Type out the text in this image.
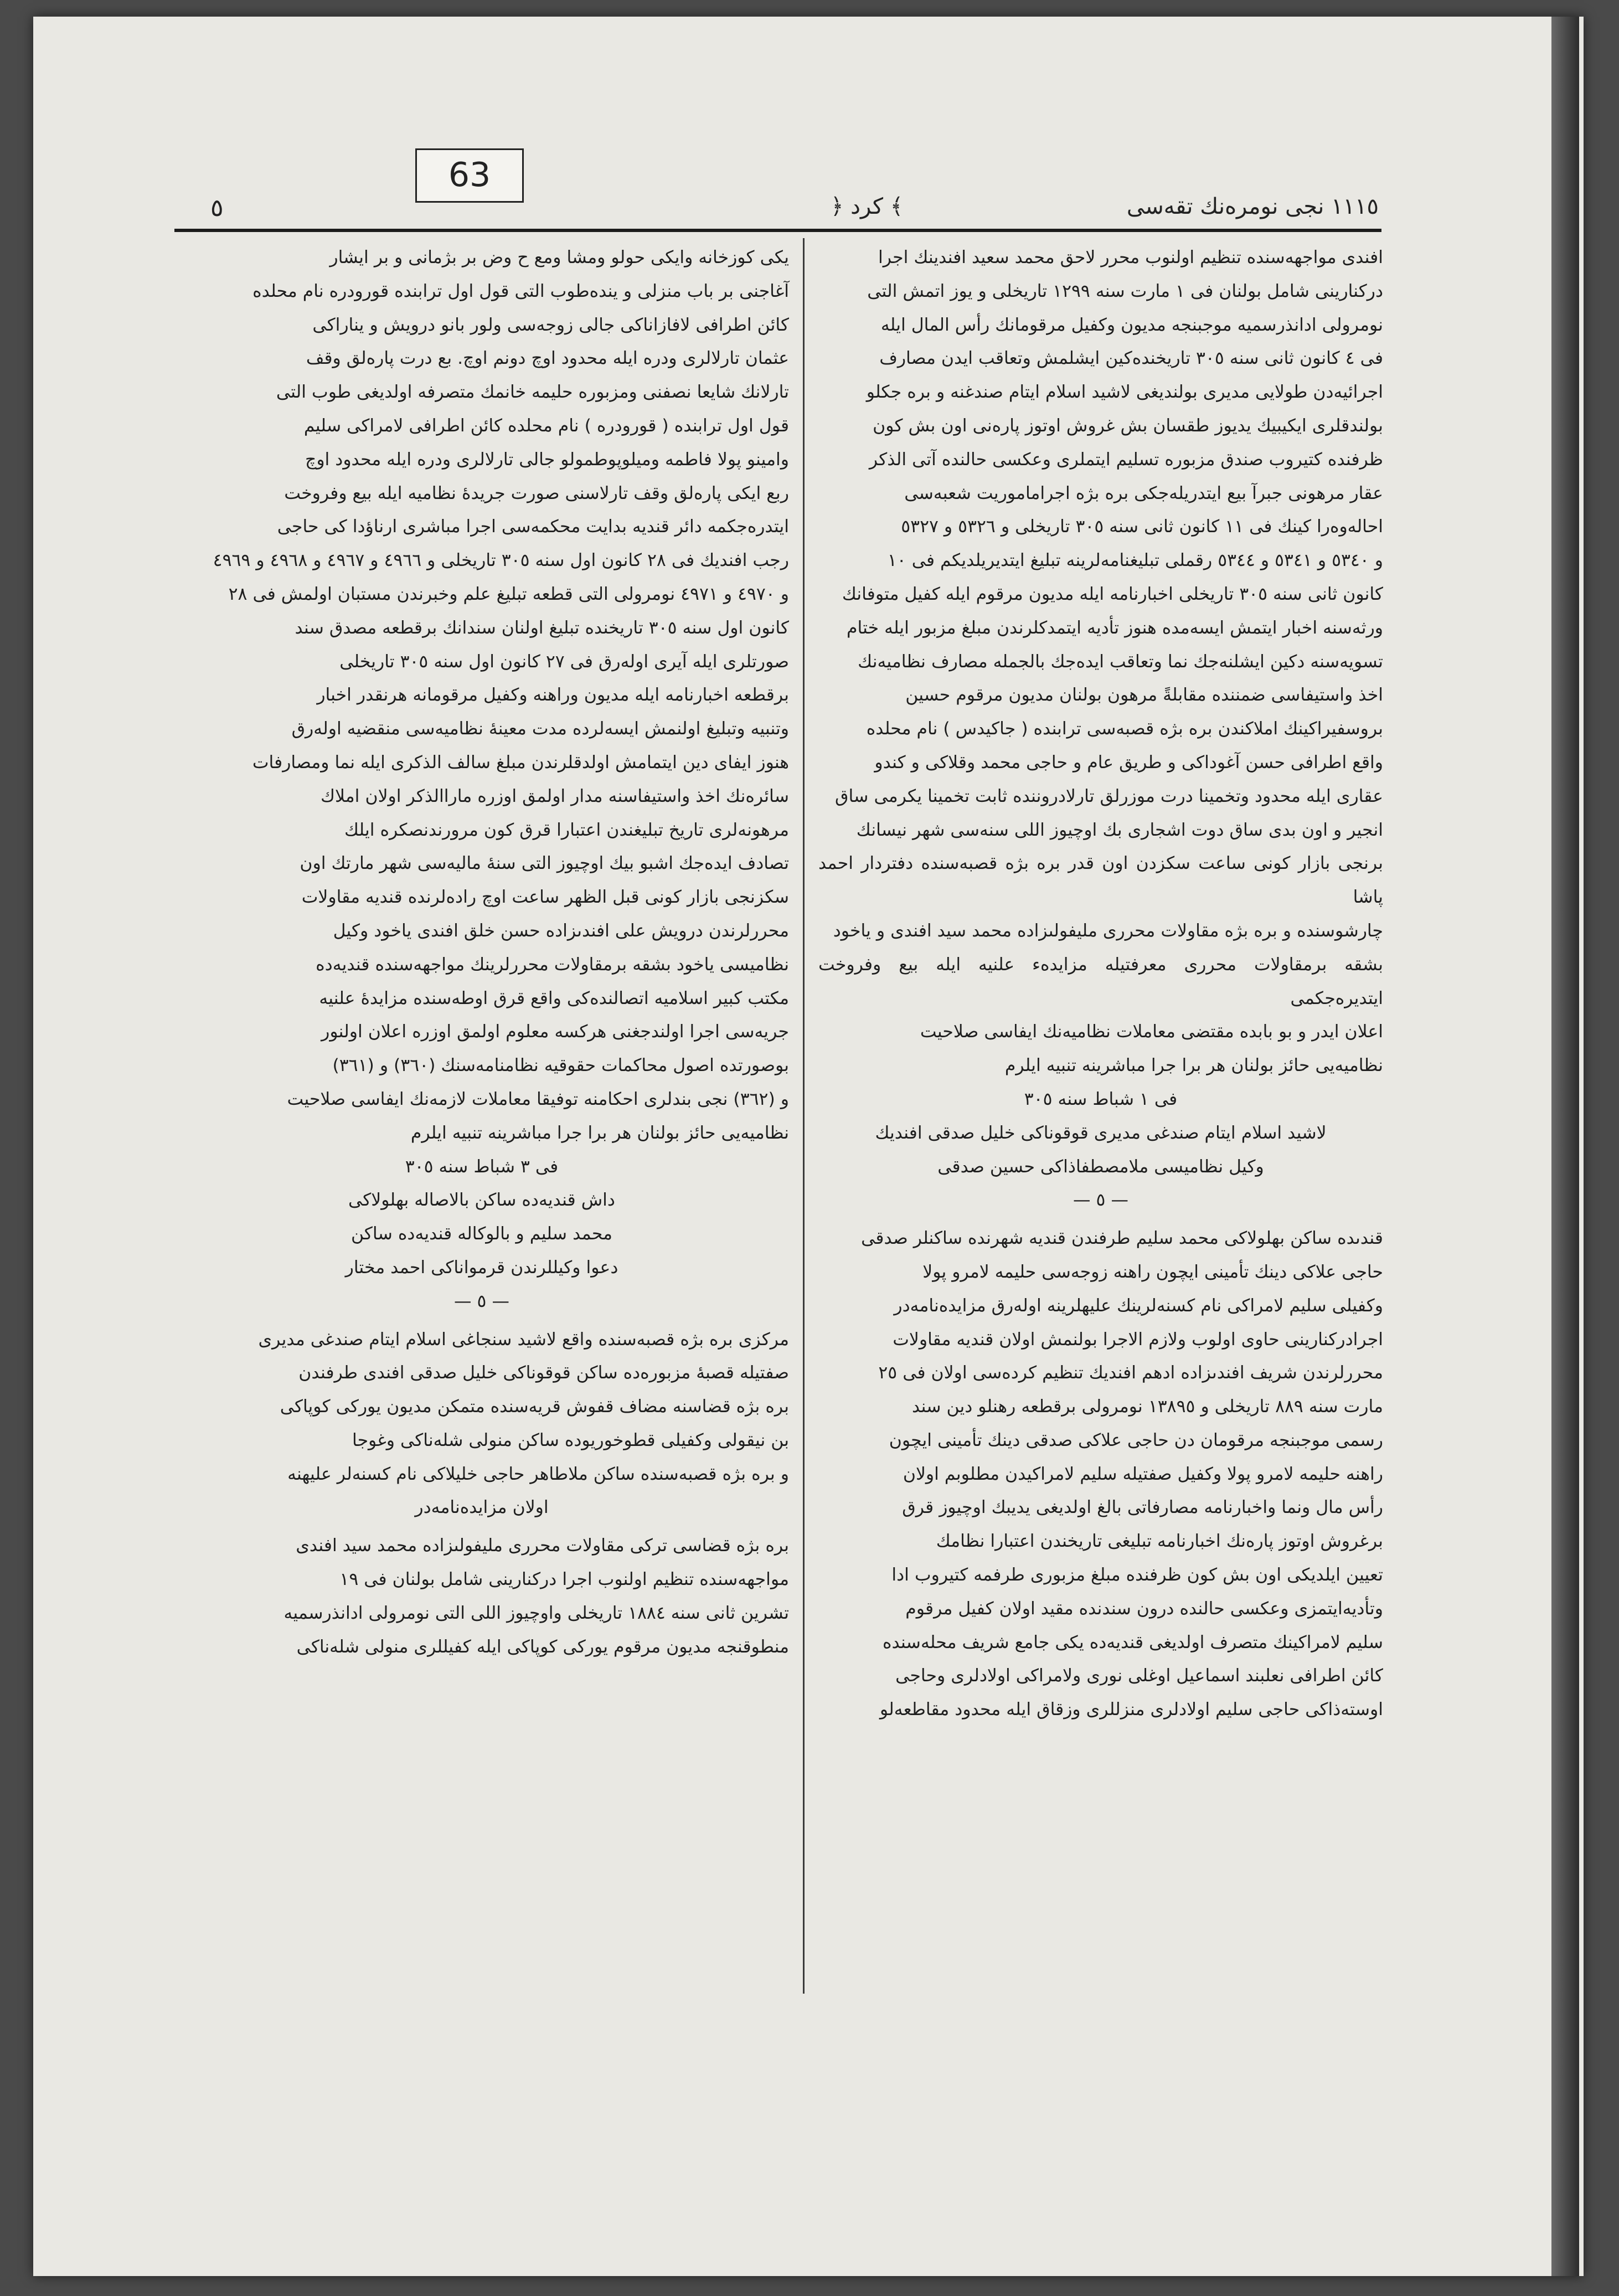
63
٥	﴾ كرد ﴿	١١١٥ نجى نومرەنك تقەسى

افندى مواجهەسندە تنظيم اولنوب محرر لاحق محمد سعيد افندينك اجرا

دركنارينى شامل بولنان فى ١ مارت سنه ١٢٩٩ تاريخلى و يوز اتمش التى

نومرولى ادانذرسميه موجبنجه مديون وكفيل مرقومانك رأس المال ايلە

فى ٤ كانون ثانى سنه ٣٠٥ تاريخندەكين ايشلمش وتعاقب ايدن مصارف

اجرائيەدن طولايى مديرى بولنديغى لاشيد اسلام ايتام صندغنه و بره جكلو

بولندقلرى ايكيبيك يديوز طقسان بش غروش اوتوز پارەنى اون بش كون

ظرفندە كتيروب صندق مزبورە تسليم ايتملرى وعكسى حالندە آتى الذكر

عقار مرهونى جبرآ بيع ايتدريلەجكى بره بژە اجراماموريت شعبەسى

احالەوەرا كينك فى ١١ كانون ثانى سنه ٣٠٥ تاريخلى و ٥٣٢٦ و ٥٣٢٧

و ٥٣٤٠ و ٥٣٤١ و ٥٣٤٤ رقملى تبليغنامەلرينه تبليغ ايتديريلديكم فى ١٠

كانون ثانى سنه ٣٠٥ تاريخلى اخبارنامه ايلە مديون مرقوم ايلە كفيل متوفانك

ورثەسنە اخبار ايتمش ايسەمدە هنوز تأديە ايتمدكلرندن مبلغ مزبور ايلە ختام

تسويەسنە دكين ايشلنەجك نما وتعاقب ايدەجك بالجملە مصارف نظاميەنك

اخذ واستيفاسى ضمنندە مقابلةً مرهون بولنان مديون مرقوم حسين

بروسفيراكينك املاكندن بره بژە قصبەسى ترابندە ( جاكيدس ) نام محلدە

واقع اطرافى حسن آغوداكى و طريق عام و حاجى محمد وقلاكى و كندو

عقارى ايلە محدود وتخمينا درت موزرلق تارلادرونندە ثابت تخمينا يكرمى ساق

انجير و اون بدى ساق دوت اشجارى بك اوچيوز اللى سنەسى شهر نيسانك

برنجى بازار كونى ساعت سكزدن اون قدر بره بژە قصبەسندە دفتردار احمد پاشا

چارشوسندە و بره بژە مقاولات محررى مليفولىزادە محمد سيد افندى و ياخود

بشقه برمقاولات محررى معرفتيلە مزايدەء علنيه ايلە بيع وفروخت ايتديرەجكمى

اعلان ايدر و بو بابدە مقتضى معاملات نظاميەنك ايفاسى صلاحيت

نظاميەيى حائز بولنان هر برا جرا مباشرينه تنبيه ايلرم

فى ١ شباط سنه ٣٠٥

لاشيد اسلام ايتام صندغى مديرى قوقوناكى خليل صدقى افنديك

وكيل نظاميسى ملامصطفاذاكى حسين صدقى

— ٥ —

قندىدە ساكن بهلولاكى محمد سليم طرفندن قنديه شهرندە ساكنلر صدقى

حاجى علاكى دينك تأمينى ايچون راهنه زوجەسى حليمه لامرو پولا

وكفيلى سليم لامراكى نام كسنەلرينك علیهلرينه اولەرق مزايدەنامەدر

اجرادركنارينى حاوى اولوب ولازم الاجرا بولنمش اولان قنديه مقاولات

محررلرندن شريف افندىزادە ادهم افنديك تنظيم كردەسى اولان فى ٢٥

مارت سنه ٨٨٩ تاريخلى و ١٣٨٩٥ نومرولى برقطعه رهنلو دين سند

رسمى موجبنجه مرقومان دن حاجى علاكى صدقى دينك تأمينى ايچون

راهنه حليمه لامرو پولا وكفيل صفتيلە سليم لامراكيدن مطلوبم اولان

رأس مال ونما واخبارنامه مصارفاتى بالغ اولديغى يديبك اوچيوز قرق

برغروش اوتوز پارەنك اخبارنامه تبليغى تاريخندن اعتبارا نظامك

تعيين ايلديكى اون بش كون ظرفندە مبلغ مزبورى طرفمە كتيروب ادا

وتأديەايتمزى وعكسى حالندە درون سندندە مقيد اولان كفيل مرقوم

سليم لامراكينك متصرف اولديغى قنديەدە يكى جامع شريف محلەسندە

كائن اطرافى نعلبند اسماعيل اوغلى نورى ولامراكى اولادلرى وحاجى

اوستەذاكى حاجى سليم اولادلرى منزللرى وزقاق ايلە محدود مقاطعەلو

يكى كوزخانە وايكى حولو ومشا ومع ح وض بر بژمانى و بر ايشار

آغاجنى بر باب منزلى و يندەطوب التى قول اول ترابندە قورودرە نام محلدە

كائن اطرافى لافازاناكى جالى زوجەسى ولور بانو درويش و يناراكى

عثمان تارلالرى ودرە ايلە محدود اوچ دونم اوچ. بع درت پارەلق وقف

تارلانك شايعا نصفنى ومزبورە حليمه خانمك متصرفە اولديغى طوب التى

قول اول ترابندە ( قورودرە ) نام محلدە كائن اطرافى لامراكى سليم

وامينو پولا فاطمه وميلوپوطمولو جالى تارلالرى ودرە ايلە محدود اوچ

ربع ايكى پارەلق وقف تارلاسنى صورت جريدۀ نظاميە ايلە بيع وفروخت

ايتدرەجكمه دائر قنديه بدايت محكمەسى اجرا مباشرى ارناؤدا كى حاجى

رجب افنديك فى ٢٨ كانون اول سنه ٣٠٥ تاريخلى و ٤٩٦٦ و ٤٩٦٧ و ٤٩٦٨ و ٤٩٦٩

و ٤٩٧٠ و ٤٩٧١ نومرولى التى قطعه تبليغ علم وخبرندن مستبان اولمش فى ٢٨

كانون اول سنه ٣٠٥ تاريخندە تبليغ اولنان سندانك برقطعه مصدق سند

صورتلرى ايلە آيرى اولەرق فى ٢٧ كانون اول سنه ٣٠٥ تاريخلى

برقطعه اخبارنامه ايلە مديون وراهنه وكفيل مرقومانه هرنقدر اخبار

وتنبيه وتبليغ اولنمش ايسەلردە مدت معينۀ نظاميەسى منقضيه اولەرق

هنوز ايفاى دين ايتمامش اولدقلرندن مبلغ سالف الذكرى ايلە نما ومصارفات

سائرەنك اخذ واستيفاسنه مدار اولمق اوزرە ماراالذكر اولان املاك

مرهونەلرى تاريخ تبليغندن اعتبارا قرق كون مرورندنصكرە ايلك

تصادف ايدەجك اشبو بيك اوچيوز التى سنۀ مالیەسى شهر مارتك اون

سكزنجى بازار كونى قبل الظهر ساعت اوچ رادەلرندە قنديه مقاولات

محررلرندن درويش على افندىزادە حسن خلق افندى ياخود وكيل

نظاميسى ياخود بشقه برمقاولات محررلرينك مواجهەسندە قنديەدە

مكتب كبير اسلاميه اتصالندەكى واقع قرق اوطەسندە مزايدۀ علنيه

جريەسى اجرا اولندجغنى هركسه معلوم اولمق اوزرە اعلان اولنور

بوصورتدە اصول محاكمات حقوقيه نظامنامەسنك (٣٦٠) و (٣٦١)

و (٣٦٢) نجى بندلرى احكامنه توفيقا معاملات لازمەنك ايفاسى صلاحيت

نظاميەيى حائز بولنان هر برا جرا مباشرينه تنبيه ايلرم

فى ٣ شباط سنه ٣٠٥

داش قنديەدە ساكن بالاصالە بهلولاكى

محمد سليم و بالوكالە قنديەدە ساكن

دعوا وكيللرندن قرمواناكى احمد مختار

— ٥ —

مركزى بره بژە قصبەسندە واقع لاشيد سنجاغى اسلام ايتام صندغى مديرى

صفتيلە قصبۀ مزبورەدە ساكن قوقوناكى خليل صدقى افندى طرفندن

بره بژە قضاسنه مضاف قفوش قريەسندە متمكن مديون يوركى كوپاكى

بن نيقولى وكفيلى قطوخوريودە ساكن منولى شلەناكى وغوجا

و بره بژە قصبەسندە ساكن ملاطاهر حاجى خليلاكى نام كسنەلر علیهنه

اولان مزايدەنامەدر

بره بژە قضاسى تركى مقاولات محررى مليفولىزادە محمد سيد افندى

مواجهەسندە تنظيم اولنوب اجرا دركنارينى شامل بولنان فى ١٩

تشرين ثانى سنه ١٨٨٤ تاريخلى واوچيوز اللى التى نومرولى ادانذرسميه

منطوقنجه مديون مرقوم يوركى كوپاكى ايلە كفيللرى منولى شلەناكى
